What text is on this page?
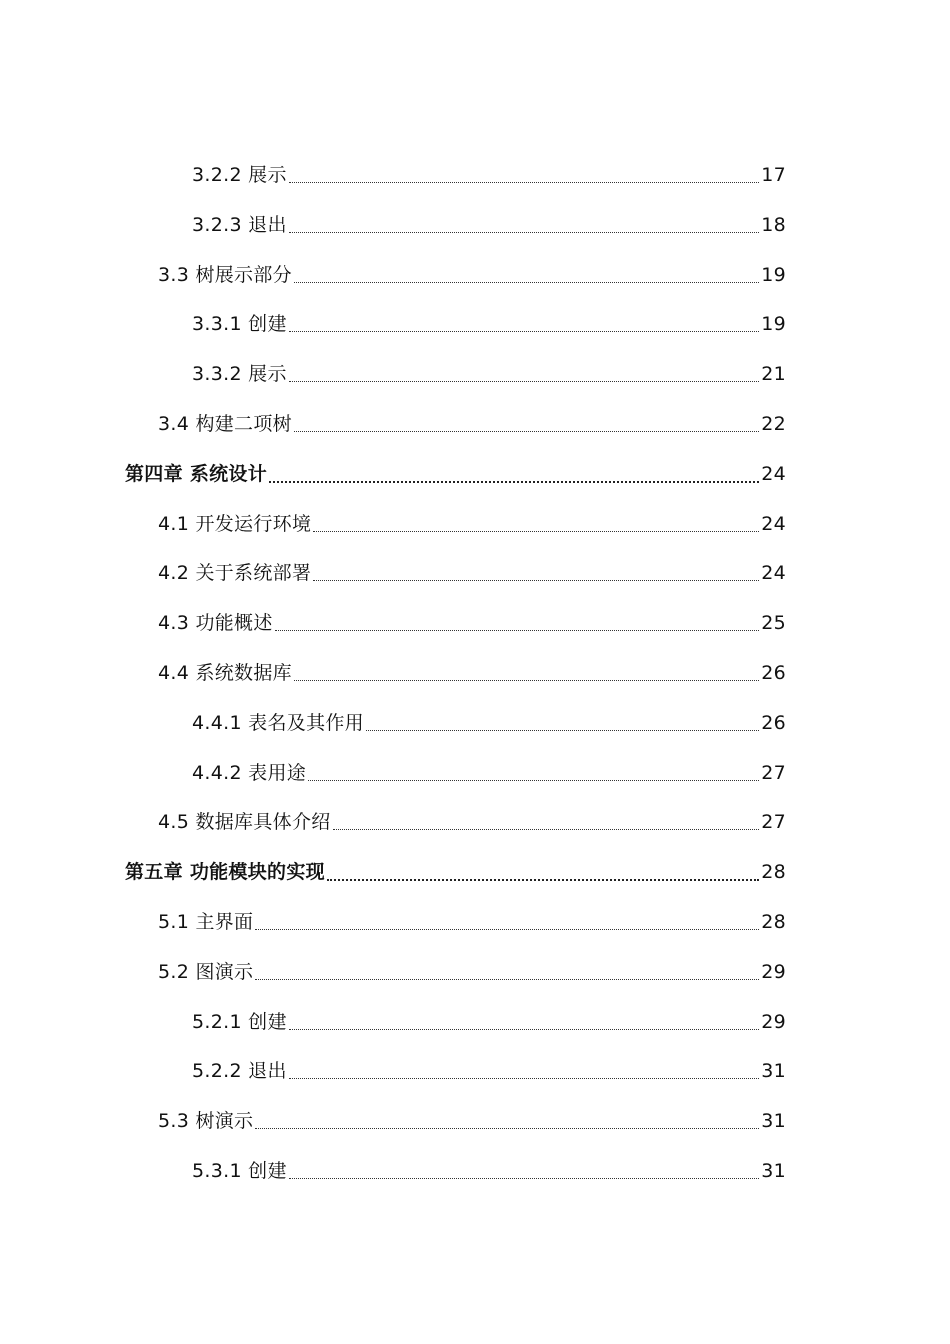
3.2.2 展示	17
3.2.3 退出	18
3.3 树展示部分	19
3.3.1 创建	19
3.3.2 展示	21
3.4 构建二项树	22
第四章 系统设计	24
4.1 开发运行环境	24
4.2 关于系统部署	24
4.3 功能概述	25
4.4 系统数据库	26
4.4.1 表名及其作用	26
4.4.2 表用途	27
4.5 数据库具体介绍	27
第五章 功能模块的实现	28
5.1 主界面	28
5.2 图演示	29
5.2.1 创建	29
5.2.2 退出	31
5.3 树演示	31
5.3.1 创建	31
